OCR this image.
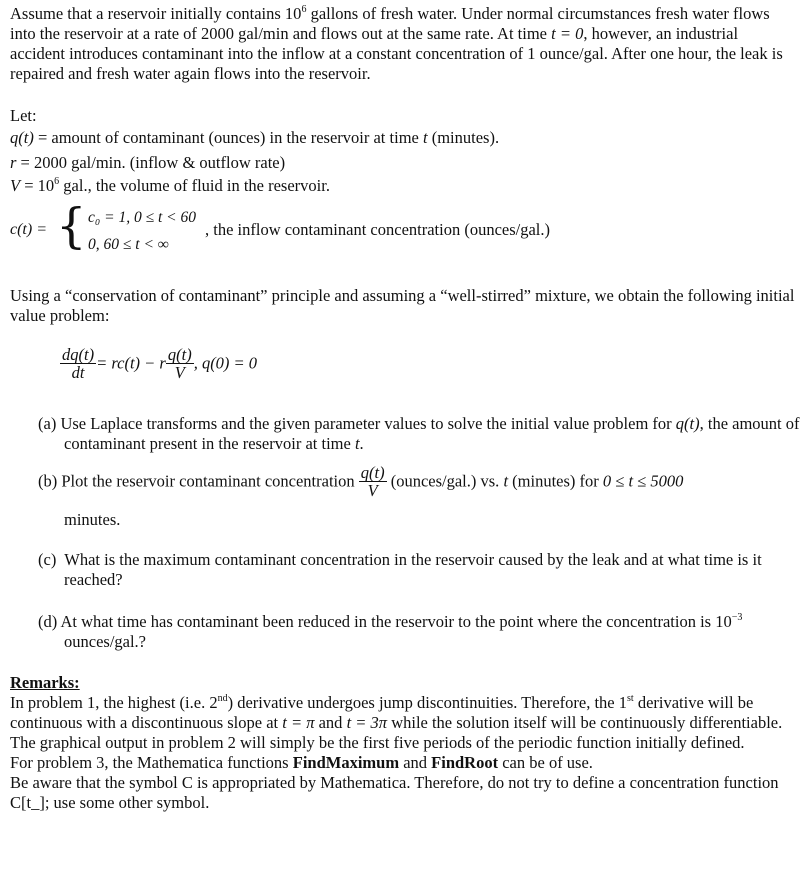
Assume that a reservoir initially contains $10^6$ gallons of fresh water. Under normal circumstances fresh water flows into the reservoir at a rate of 2000 gal/min and flows out at the same rate. At time t = 0, however, an industrial accident introduces contaminant into the inflow at a constant concentration of 1 ounce/gal. After one hour, the leak is repaired and fresh water again flows into the reservoir.

Let:

q(t) = amount of contaminant (ounces) in the reservoir at time t (minutes).

r = 2000 gal/min. (inflow & outflow rate)

$V = 10^6$ gal., the volume of fluid in the reservoir.

c(t) = { c₀ = 1, 0 ≤ t < 60
0, 60 ≤ t < ∞
, the inflow contaminant concentration (ounces/gal.)

Using a “conservation of contaminant” principle and assuming a “well-stirred” mixture, we obtain the following initial value problem:

$\frac{dq(t)}{dt} = rc(t) - r \frac{q(t)}{V}$ , q(0) = 0

(a) Use Laplace transforms and the given parameter values to solve the initial value problem for q(t), the amount of contaminant present in the reservoir at time t.

(b) Plot the reservoir contaminant concentration $\frac{q(t)}{V}$ (ounces/gal.) vs. t (minutes) for 0 ≤ t ≤ 5000

minutes.

(c) What is the maximum contaminant concentration in the reservoir caused by the leak and at what time is it reached?

(d) At what time has contaminant been reduced in the reservoir to the point where the concentration is $10^{-3}$ ounces/gal.?

Remarks:

In problem 1, the highest (i.e. 2nd) derivative undergoes jump discontinuities. Therefore, the 1st derivative will be continuous with a discontinuous slope at t = π and t = 3π while the solution itself will be continuously differentiable.

The graphical output in problem 2 will simply be the first five periods of the periodic function initially defined.

For problem 3, the Mathematica functions FindMaximum and FindRoot can be of use.

Be aware that the symbol C is appropriated by Mathematica. Therefore, do not try to define a concentration function C[t_]; use some other symbol.
